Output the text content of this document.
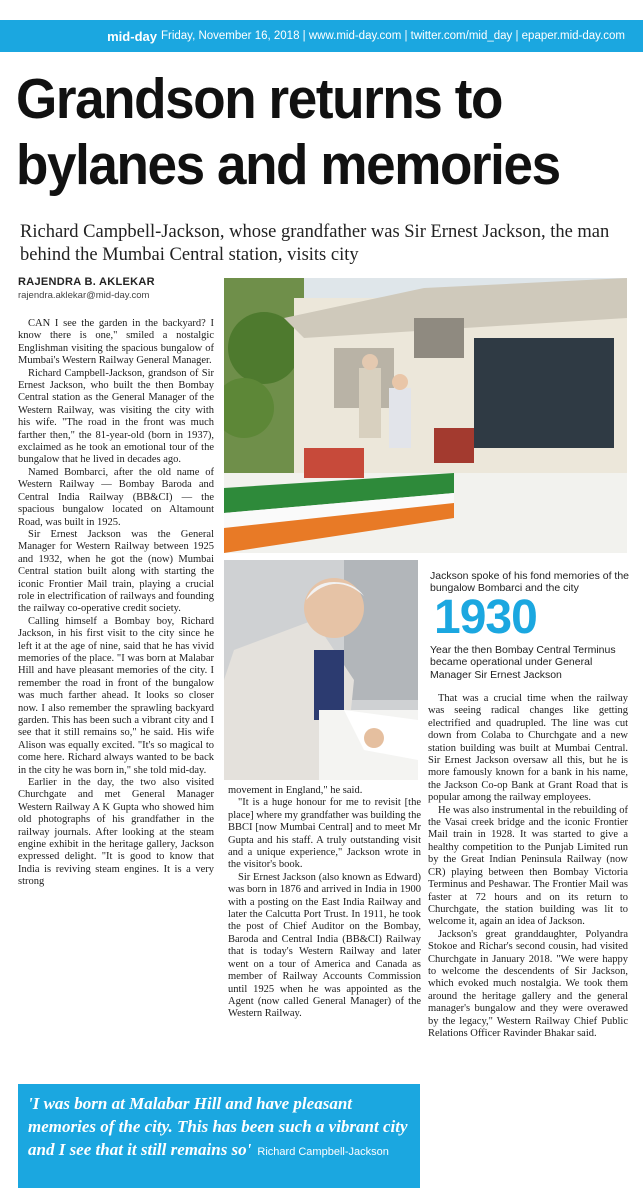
mid-day Friday, November 16, 2018 | www.mid-day.com | twitter.com/mid_day | epaper.mid-day.com
Grandson returns to
bylanes and memories
Richard Campbell-Jackson, whose grandfather was Sir Ernest Jackson, the man behind the Mumbai Central station, visits city
RAJENDRA B. AKLEKAR
rajendra.aklekar@mid-day.com

CAN I see the garden in the backyard? I know there is one," smiled a nostalgic Englishman visiting the spacious bungalow of Mumbai's Western Railway General Manager.

Richard Campbell-Jackson, grandson of Sir Ernest Jackson, who built the then Bombay Central station as the General Manager of the Western Railway, was visiting the city with his wife. "The road in the front was much farther then," the 81-year-old (born in 1937), exclaimed as he took an emotional tour of the bungalow that he lived in decades ago.

Named Bombarci, after the old name of Western Railway — Bombay Baroda and Central India Railway (BB&CI) — the spacious bungalow located on Altamount Road, was built in 1925.

Sir Ernest Jackson was the General Manager for Western Railway between 1925 and 1932, when he got the (now) Mumbai Central station built along with starting the iconic Frontier Mail train, playing a crucial role in electrification of railways and founding the railway co-operative credit society.

Calling himself a Bombay boy, Richard Jackson, in his first visit to the city since he left it at the age of nine, said that he has vivid memories of the place. "I was born at Malabar Hill and have pleasant memories of the city. I remember the road in front of the bungalow was much farther ahead. It looks so closer now. I also remember the sprawling backyard garden. This has been such a vibrant city and I see that it still remains so," he said. His wife Alison was equally excited. "It's so magical to come here. Richard always wanted to be back in the city he was born in," she told mid-day.

Earlier in the day, the two also visited Churchgate and met General Manager Western Railway A K Gupta who showed him old photographs of his grandfather in the railway journals. After looking at the steam engine exhibit in the heritage gallery, Jackson expressed delight. "It is good to know that India is reviving steam engines. It is a very strong

Jackson spoke of his fond memories of the bungalow Bombarci and the city
1930
Year the then Bombay Central Terminus became operational under General Manager Sir Ernest Jackson

movement in England," he said.

"It is a huge honour for me to revisit [the place] where my grandfather was building the BBCI [now Mumbai Central] and to meet Mr Gupta and his staff. A truly outstanding visit and a unique experience," Jackson wrote in the visitor's book.

Sir Ernest Jackson (also known as Edward) was born in 1876 and arrived in India in 1900 with a posting on the East India Railway and later the Calcutta Port Trust. In 1911, he took the post of Chief Auditor on the Bombay, Baroda and Central India (BB&CI) Railway that is today's Western Railway and later went on a tour of America and Canada as member of Railway Accounts Commission until 1925 when he was appointed as the Agent (now called General Manager) of the Western Railway.

That was a crucial time when the railway was seeing radical changes like getting electrified and quadrupled. The line was cut down from Colaba to Churchgate and a new station building was built at Mumbai Central. Sir Ernest Jackson oversaw all this, but he is more famously known for a bank in his name, the Jackson Co-op Bank at Grant Road that is popular among the railway employees.

He was also instrumental in the rebuilding of the Vasai creek bridge and the iconic Frontier Mail train in 1928. It was started to give a healthy competition to the Punjab Limited run by the Great Indian Peninsula Railway (now CR) playing between then Bombay Victoria Terminus and Peshawar. The Frontier Mail was faster at 72 hours and on its return to Churchgate, the station building was lit to welcome it, again an idea of Jackson.

Jackson's great granddaughter, Polyandra Stokoe and Richar's second cousin, had visited Churchgate in January 2018. "We were happy to welcome the descendents of Sir Jackson, which evoked much nostalgia. We took them around the heritage gallery and the general manager's bungalow and they were overawed by the legacy," Western Railway Chief Public Relations Officer Ravinder Bhakar said.

'I was born at Malabar Hill and have pleasant memories of the city. This has been such a vibrant city and I see that it still remains so' Richard Campbell-Jackson
